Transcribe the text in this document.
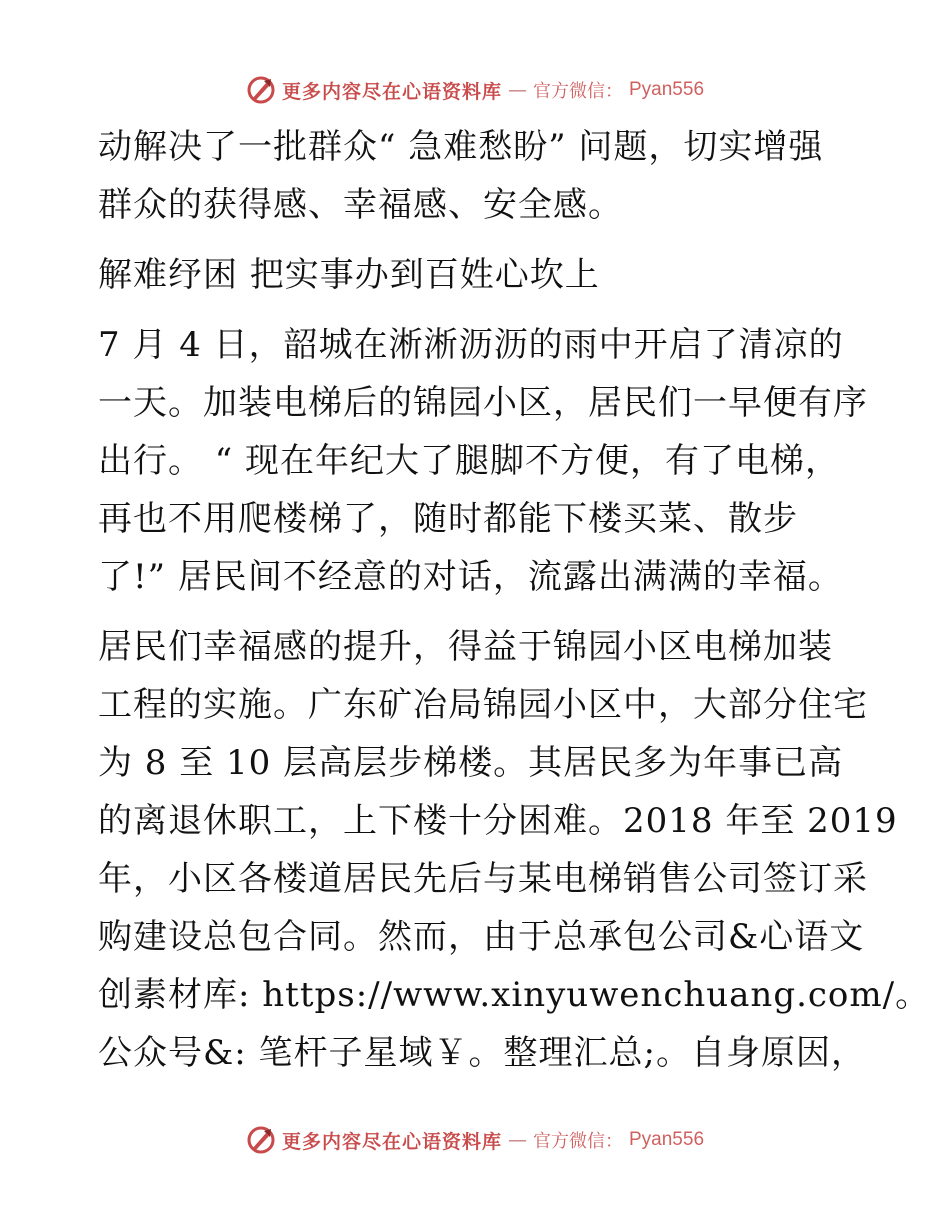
更多内容尽在心语资料库 — 官方微信： Pyan556
动解决了一批群众“ 急难愁盼” 问题，切实增强
群众的获得感、幸福感、安全感。
解难纾困 把实事办到百姓心坎上
7 月 4 日，韶城在淅淅沥沥的雨中开启了清凉的
一天。加装电梯后的锦园小区，居民们一早便有序
出行。 “ 现在年纪大了腿脚不方便，有了电梯，
再也不用爬楼梯了，随时都能下楼买菜、散步
了!” 居民间不经意的对话，流露出满满的幸福。
居民们幸福感的提升，得益于锦园小区电梯加装
工程的实施。广东矿冶局锦园小区中，大部分住宅
为 8 至 10 层高层步梯楼。其居民多为年事已高
的离退休职工，上下楼十分困难。2018 年至 2019
年，小区各楼道居民先后与某电梯销售公司签订采
购建设总包合同。然而，由于总承包公司&心语文
创素材库: https://www.xinyuwenchuang.com/。
公众号&: 笔杆子星域￥。整理汇总;。自身原因，
更多内容尽在心语资料库 — 官方微信： Pyan556
